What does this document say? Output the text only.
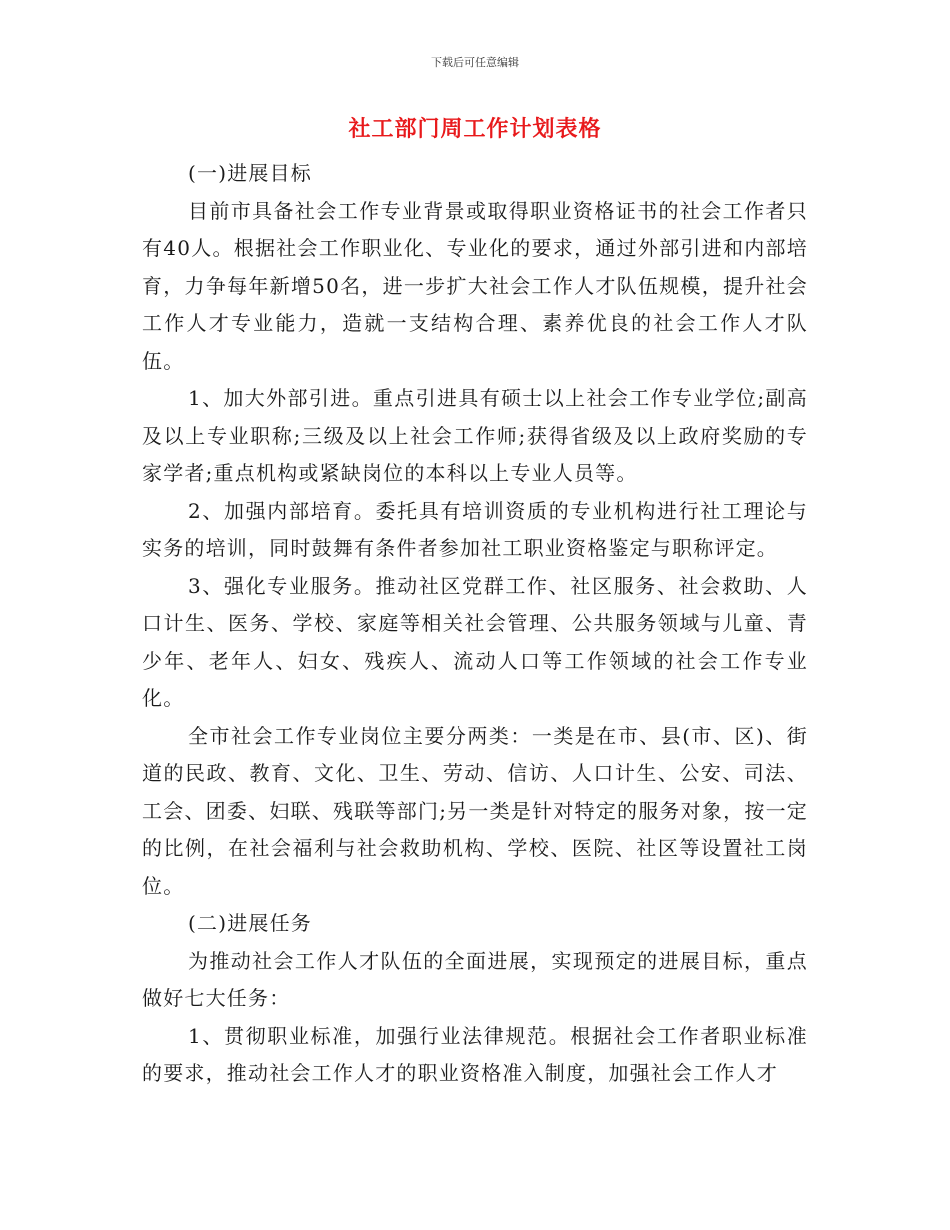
下载后可任意编辑
社工部门周工作计划表格

(一)进展目标

目前市具备社会工作专业背景或取得职业资格证书的社会工作者只有40人。根据社会工作职业化、专业化的要求，通过外部引进和内部培育，力争每年新增50名，进一步扩大社会工作人才队伍规模，提升社会工作人才专业能力，造就一支结构合理、素养优良的社会工作人才队伍。

1、加大外部引进。重点引进具有硕士以上社会工作专业学位;副高及以上专业职称;三级及以上社会工作师;获得省级及以上政府奖励的专家学者;重点机构或紧缺岗位的本科以上专业人员等。

2、加强内部培育。委托具有培训资质的专业机构进行社工理论与实务的培训，同时鼓舞有条件者参加社工职业资格鉴定与职称评定。

3、强化专业服务。推动社区党群工作、社区服务、社会救助、人口计生、医务、学校、家庭等相关社会管理、公共服务领域与儿童、青少年、老年人、妇女、残疾人、流动人口等工作领域的社会工作专业化。

全市社会工作专业岗位主要分两类：一类是在市、县(市、区)、街道的民政、教育、文化、卫生、劳动、信访、人口计生、公安、司法、工会、团委、妇联、残联等部门;另一类是针对特定的服务对象，按一定的比例，在社会福利与社会救助机构、学校、医院、社区等设置社工岗位。

(二)进展任务

为推动社会工作人才队伍的全面进展，实现预定的进展目标，重点做好七大任务：

1、贯彻职业标准，加强行业法律规范。根据社会工作者职业标准的要求，推动社会工作人才的职业资格准入制度，加强社会工作人才
